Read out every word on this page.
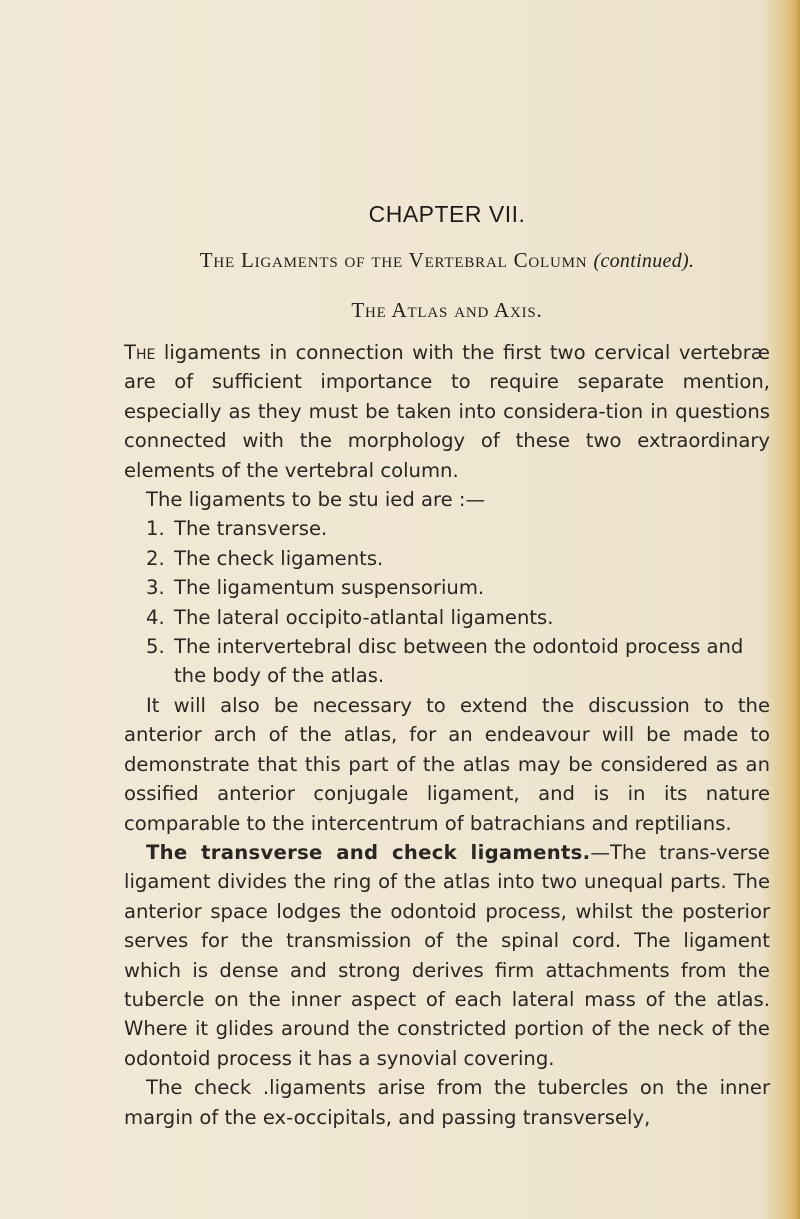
CHAPTER VII.
The Ligaments of the Vertebral Column (continued).
The Atlas and Axis.

The ligaments in connection with the first two cervical vertebræ are of sufficient importance to require separate mention, especially as they must be taken into considera-tion in questions connected with the morphology of these two extraordinary elements of the vertebral column.

The ligaments to be stu ied are :—

1. The transverse.
2. The check ligaments.
3. The ligamentum suspensorium.
4. The lateral occipito-atlantal ligaments.
5. The intervertebral disc between the odontoid process and the body of the atlas.

It will also be necessary to extend the discussion to the anterior arch of the atlas, for an endeavour will be made to demonstrate that this part of the atlas may be considered as an ossified anterior conjugale ligament, and is in its nature comparable to the intercentrum of batrachians and reptilians.

The transverse and check ligaments.—The trans-verse ligament divides the ring of the atlas into two unequal parts. The anterior space lodges the odontoid process, whilst the posterior serves for the transmission of the spinal cord. The ligament which is dense and strong derives firm attachments from the tubercle on the inner aspect of each lateral mass of the atlas. Where it glides around the constricted portion of the neck of the odontoid process it has a synovial covering.

The check .ligaments arise from the tubercles on the inner margin of the ex-occipitals, and passing transversely,
